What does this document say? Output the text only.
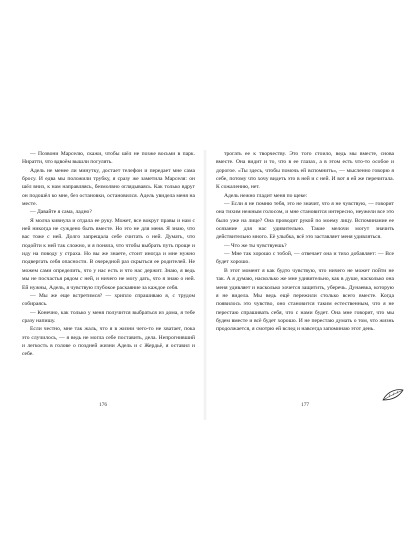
— Позвони Марселю, скажи, чтобы шёл не позже восьми в парк. Ниратти, что вдвоём вышли погулять.

Адель не менее ли минутку, достает телефон и передает мне сама бросу. И едва мы положили трубку, я сразу же заметила Марселя: он шёл вниз, к нам направляясь, безмолвно оглядываясь. Как только вдруг он подошёл ко мне, без остановки, остановился. Адель увидела меня на месте.

— Давайте я сама, ладно?

Я молча кивнула и отдала ее руку. Может, все вокруг правы и нам с ней никогда не суждено быть вместе. Но это не для меня. Я знаю, что вас тоже с ней. Долго запрещала себе считать о ней. Думать, что подойти к ней так сложно, и я поняла, что чтобы выбрать путь проще и иду на поводу у страха. Но вы же знаете, стоит иногда и мне нужно подвергать себя опасности. В очередной раз скрыться ее родителей. Не можем сами определить, что у нас есть и что нас держит. Знаю, я ведь мы не посчастья рядом с ней, и ничего не могу дать, что я знаю о ней. Ей нужны, Адель, я чувствую глубокое раскаяние за каждое себя.

— Мы же еще встретимся? — хрипло спрашиваю я, с трудом собираясь.

— Конечно, как только у меня получится выбраться из дома, я тебе сразу напишу.

Если честно, мне так жаль, что я в жизни чего-то не хватает, пока это случилось, — я ведь не могла себе поставить, дела. Непрогнивший и легкость в голове о поздней жизни Адель и с Жердьё, я оставил и себе.

трогать ее к творчеству. Это того стоило, ведь мы вместе, снова вместе. Она видит и то, что в ее глазах, а в этом есть что-то особое и дорогое. «Ты здесь, чтобы помочь ей вспомнить», — мысленно говорю я себе, потому что хочу видеть это в ней и с ней. И вот я ей же перечитала. К сожалению, нет.

Адель нежно гладит меня по щеке:

— Если я не помню тебя, это не значит, что я не чувствую, — говорит она тихим нежным голосом, и мне становится интересно, неужели все это было уже на лице? Она проводит рукой по моему лицу. Вспоминание ее осязание для нас удивительно. Такие мелочи могут значить действительно много. Её улыбка, всё это заставляет меня удивляться.

— Что же ты чувствуешь?

— Мне так хорошо с тобой, — отвечает она и тихо добавляет: — Все будет хорошо.

В этот момент я как будто чувствую, что ничего не может пойти не так. А я думаю, насколько же мне удивительно, как в душе, насколько она меня удивляет и насколько хочется защитить, уберечь. Дунаевка, которую я не видела. Мы ведь ещё пережили столько всего вместе. Когда появилось это чувство, оно становится таким естественным, что я не перестаю спрашивать себя, что с нами будет. Она мне говорит, что мы будем вместе и всё будет хорошо. И не перестаю думать о том, что жизнь продолжается, я смотрю ей вслед и навсегда запоминаю этот день.

176	177
